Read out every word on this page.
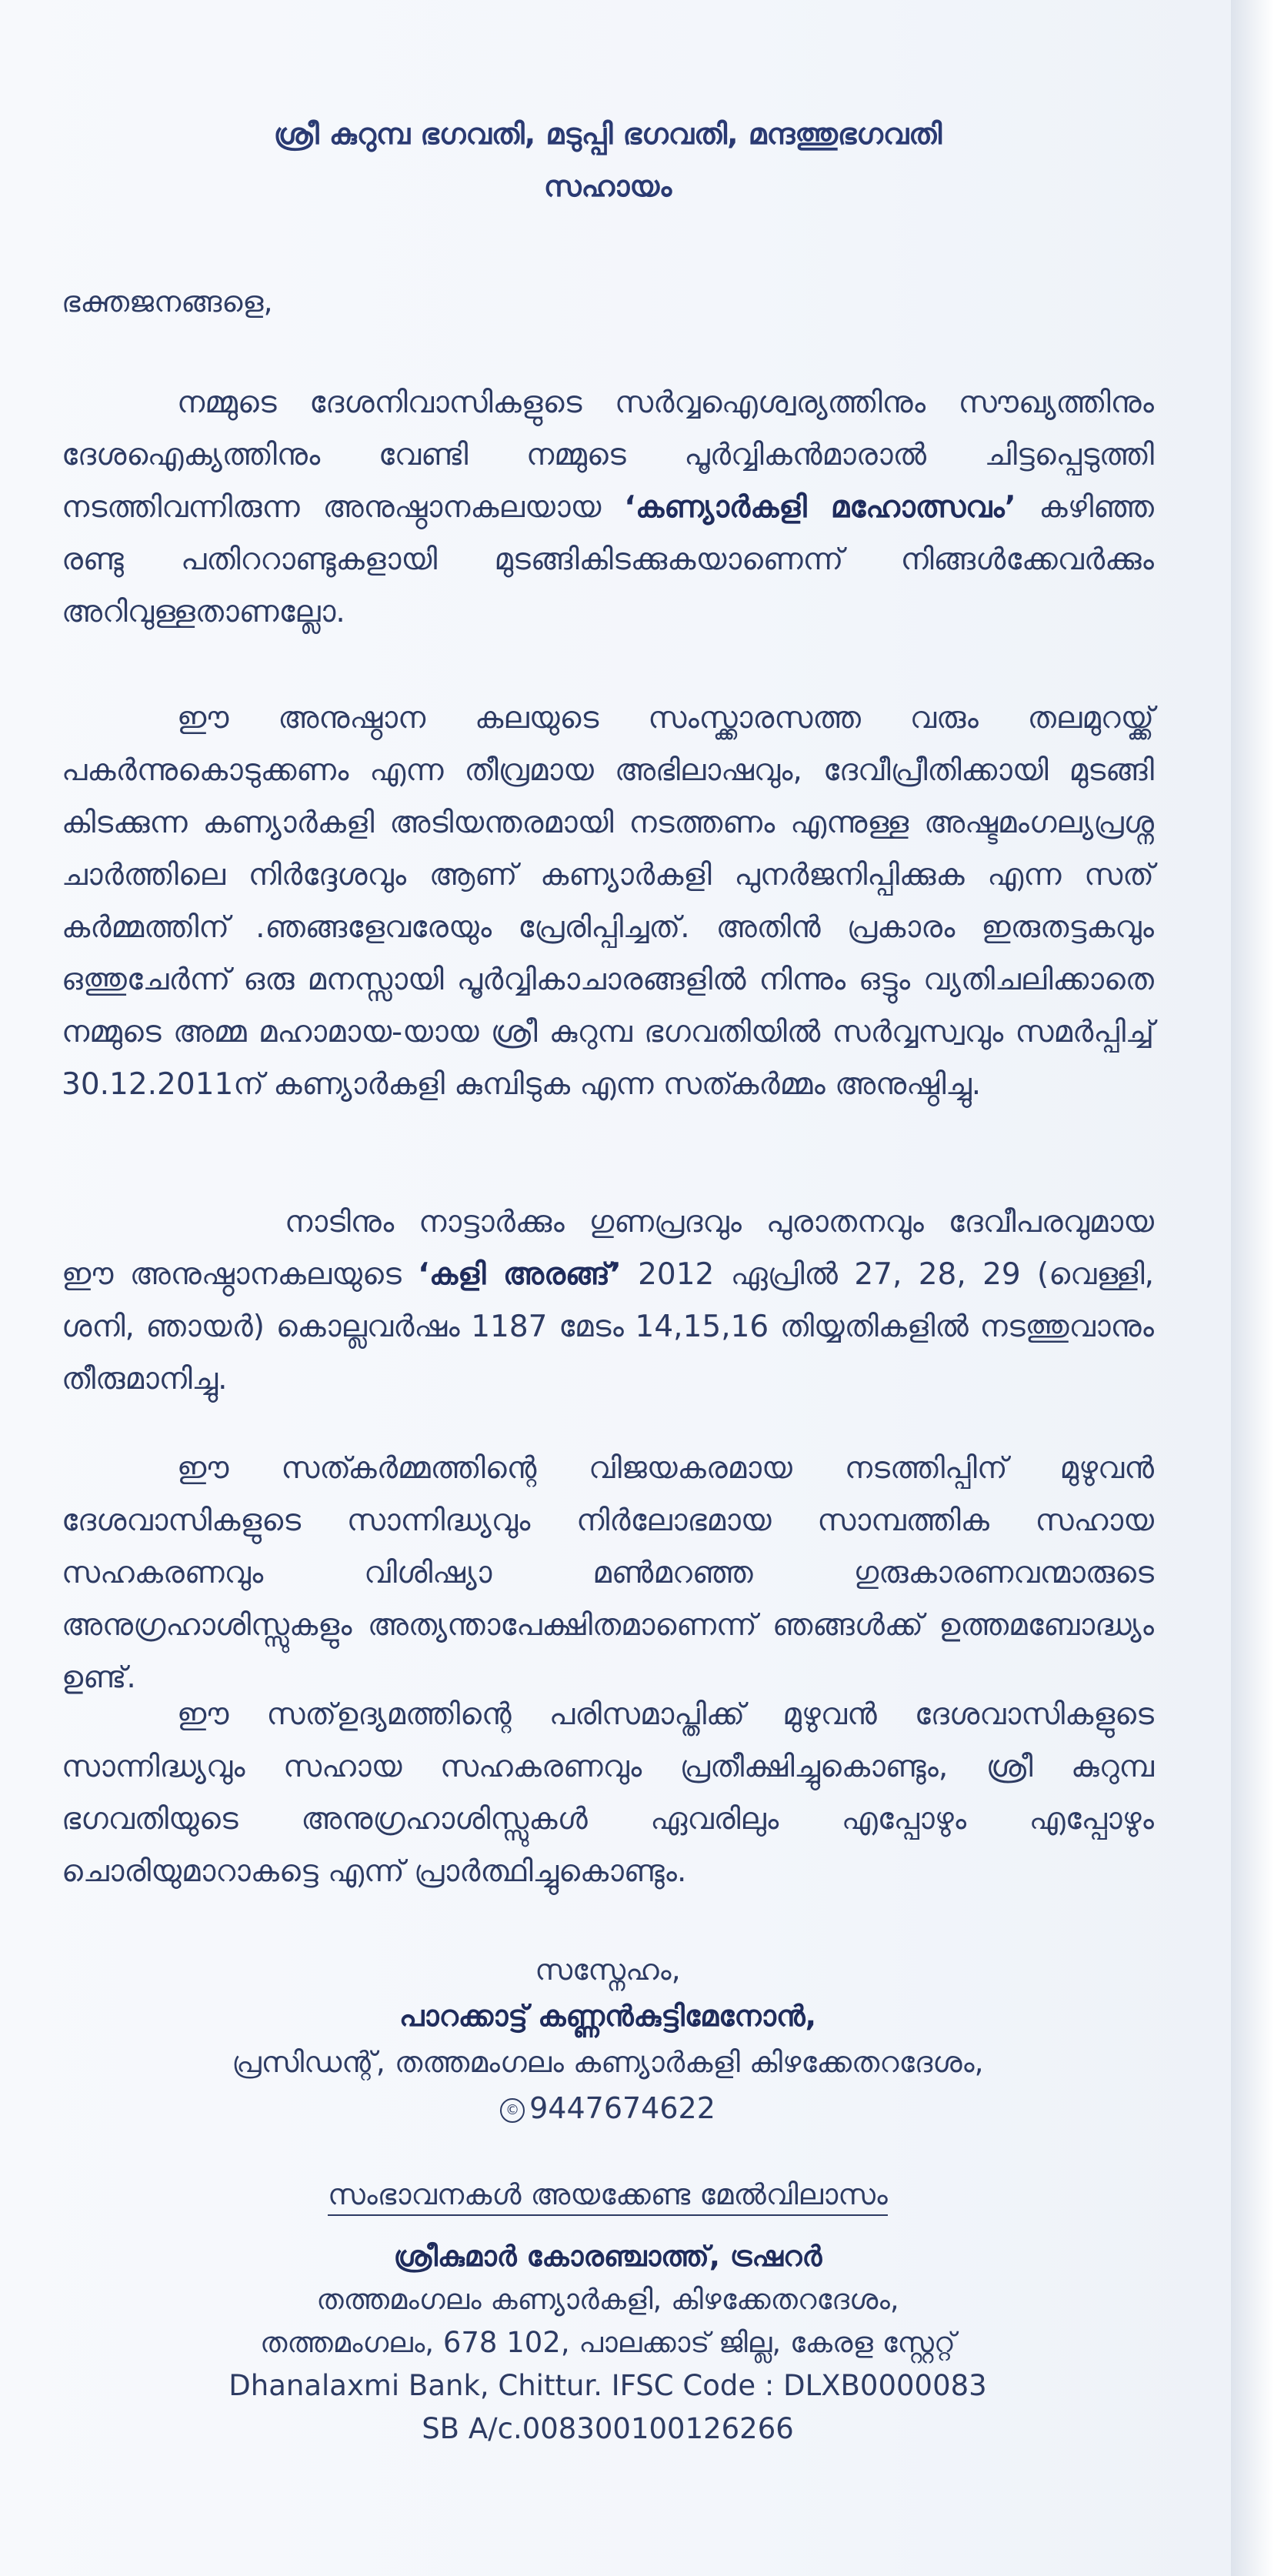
ശ്രീ കുറുമ്പ ഭഗവതി, മടുപ്പി ഭഗവതി, മന്ദത്തുഭഗവതി
സഹായം
ഭക്തജനങ്ങളെ,
നമ്മുടെ ദേശനിവാസികളുടെ സർവ്വഐശ്വര്യത്തിനും സൗഖ്യത്തിനും ദേശഐക്യത്തിനും വേണ്ടി നമ്മുടെ പൂർവ്വികൻമാരാൽ ചിട്ടപ്പെടുത്തി നടത്തിവന്നിരുന്ന അനുഷ്ഠാനകലയായ ‘കണ്യാർകളി മഹോത്സവം’ കഴിഞ്ഞ രണ്ടു പതിററാണ്ടുകളായി മുടങ്ങികിടക്കുകയാണെന്ന് നിങ്ങൾക്കേവർക്കും അറിവുള്ളതാണല്ലോ.
ഈ അനുഷ്ഠാന കലയുടെ സംസ്ക്കാരസത്ത വരും തലമുറയ്ക്ക് പകർന്നുകൊടുക്കണം എന്ന തീവ്രമായ അഭിലാഷവും, ദേവീപ്രീതിക്കായി മുടങ്ങി കിടക്കുന്ന കണ്യാർകളി അടിയന്തരമായി നടത്തണം എന്നുള്ള അഷ്ടമംഗല്യപ്രശ്ന ചാർത്തിലെ നിർദ്ദേശവും ആണ് കണ്യാർകളി പുനർജനിപ്പിക്കുക എന്ന സത് കർമ്മത്തിന് .ഞങ്ങളേവരേയും പ്രേരിപ്പിച്ചത്. അതിൻ പ്രകാരം ഇരുതട്ടകവും ഒത്തുചേർന്ന് ഒരു മനസ്സായി പൂർവ്വികാചാരങ്ങളിൽ നിന്നും ഒട്ടും വ്യതിചലിക്കാതെ നമ്മുടെ അമ്മ മഹാമായ-യായ ശ്രീ കുറുമ്പ ഭഗവതിയിൽ സർവ്വസ്വവും സമർപ്പിച്ച് 30.12.2011ന് കണ്യാർകളി കുമ്പിടുക എന്ന സത്കർമ്മം അനുഷ്ഠിച്ചു.
നാടിനും നാട്ടാർക്കും ഗുണപ്രദവും പുരാതനവും ദേവീപരവുമായ ഈ അനുഷ്ഠാനകലയുടെ ‘കളി അരങ്ങ്’ 2012 ഏപ്രിൽ 27, 28, 29 (വെള്ളി, ശനി, ഞായർ) കൊല്ലവർഷം 1187 മേടം 14,15,16 തിയ്യതികളിൽ നടത്തുവാനും തീരുമാനിച്ചു.
ഈ സത്കർമ്മത്തിന്റെ വിജയകരമായ നടത്തിപ്പിന് മുഴുവൻ ദേശവാസികളുടെ സാന്നിദ്ധ്യവും നിർലോഭമായ സാമ്പത്തിക സഹായ സഹകരണവും വിശിഷ്യാ മൺമറഞ്ഞ ഗുരുകാരണവന്മാരുടെ അനുഗ്രഹാശിസ്സുകളും അത്യന്താപേക്ഷിതമാണെന്ന് ഞങ്ങൾക്ക് ഉത്തമബോദ്ധ്യം ഉണ്ട്.
ഈ സത്ഉദ്യമത്തിന്റെ പരിസമാപ്തിക്ക് മുഴുവൻ ദേശവാസികളുടെ സാന്നിദ്ധ്യവും സഹായ സഹകരണവും പ്രതീക്ഷിച്ചുകൊണ്ടും, ശ്രീ കുറുമ്പ ഭഗവതിയുടെ അനുഗ്രഹാശിസ്സുകൾ ഏവരിലും എപ്പോഴും എപ്പോഴും ചൊരിയുമാറാകട്ടെ എന്ന് പ്രാർത്ഥിച്ചുകൊണ്ടും.
സസ്നേഹം,
പാറക്കാട്ട് കണ്ണൻകുട്ടിമേനോൻ,
പ്രസിഡന്റ്, തത്തമംഗലം കണ്യാർകളി കിഴക്കേതറദേശം,
© 9447674622
സംഭാവനകൾ അയക്കേണ്ട മേൽവിലാസം
ശ്രീകുമാർ കോരഞ്ചാത്ത്, ട്രഷറർ
തത്തമംഗലം കണ്യാർകളി, കിഴക്കേതറദേശം,
തത്തമംഗലം, 678 102, പാലക്കാട് ജില്ല, കേരള സ്റ്റേറ്റ്
Dhanalaxmi Bank, Chittur. IFSC Code : DLXB0000083
SB A/c.008300100126266
